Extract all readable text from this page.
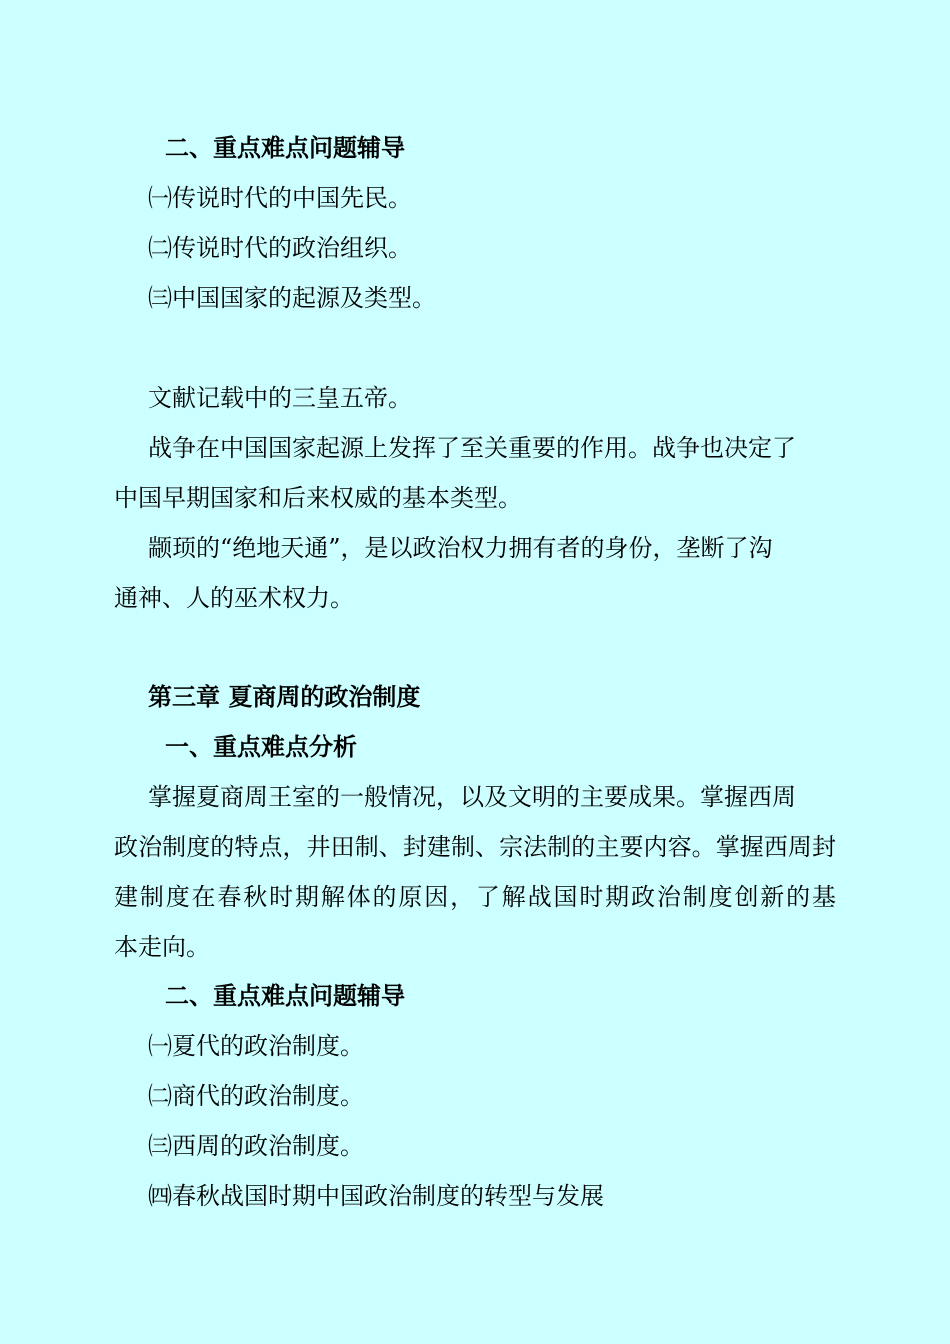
二、重点难点问题辅导
㈠传说时代的中国先民。
㈡传说时代的政治组织。
㈢中国国家的起源及类型。
文献记载中的三皇五帝。
战争在中国国家起源上发挥了至关重要的作用。战争也决定了
中国早期国家和后来权威的基本类型。
颛顼的“绝地天通”，是以政治权力拥有者的身份，垄断了沟
通神、人的巫术权力。
第三章 夏商周的政治制度
一、重点难点分析
掌握夏商周王室的一般情况，以及文明的主要成果。掌握西周
政治制度的特点，井田制、封建制、宗法制的主要内容。掌握西周封
建制度在春秋时期解体的原因，了解战国时期政治制度创新的基
本走向。
二、重点难点问题辅导
㈠夏代的政治制度。
㈡商代的政治制度。
㈢西周的政治制度。
㈣春秋战国时期中国政治制度的转型与发展
